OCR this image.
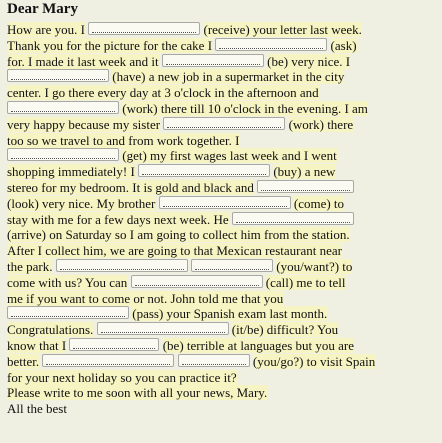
Dear Mary

How are you. I	(receive) your letter last week.
Thank you for the picture for the cake I	(ask)
for. I made it last week and it	(be) very nice. I
(have) a new job in a supermarket in the city
center. I go there every day at 3 o'clock in the afternoon and
(work) there till 10 o'clock in the evening. I am
very happy because my sister	(work) there
too so we travel to and from work together. I
(get) my first wages last week and I went
shopping immediately! I	(buy) a new
stereo for my bedroom. It is gold and black and
(look) very nice. My brother	(come) to
stay with me for a few days next week. He
(arrive) on Saturday so I am going to collect him from the station.
After I collect him, we are going to that Mexican restaurant near
the park.	(you/want?) to
come with us? You can	(call) me to tell
me if you want to come or not. John told me that you
(pass) your Spanish exam last month.
Congratulations.	(it/be) difficult? You
know that I	(be) terrible at languages but you are
better.	(you/go?) to visit Spain
for your next holiday so you can practice it?
Please write to me soon with all your news, Mary.
All the best
